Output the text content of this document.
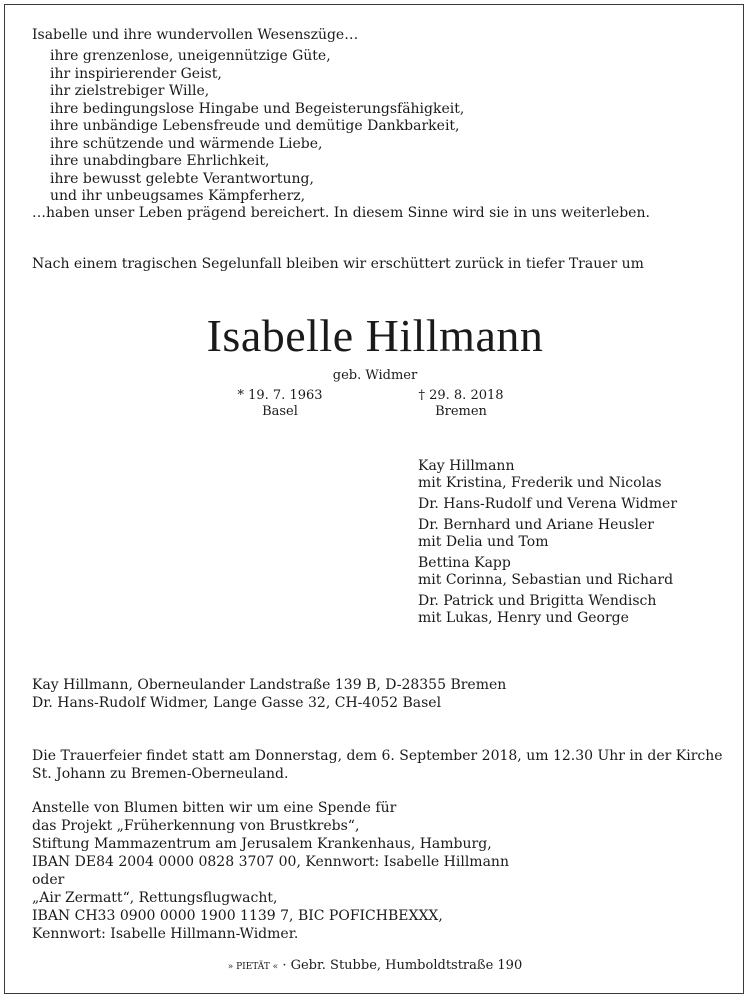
Isabelle und ihre wundervollen Wesenszüge…
ihre grenzenlose, uneigennützige Güte,
ihr inspirierender Geist,
ihr zielstrebiger Wille,
ihre bedingungslose Hingabe und Begeisterungsfähigkeit,
ihre unbändige Lebensfreude und demütige Dankbarkeit,
ihre schützende und wärmende Liebe,
ihre unabdingbare Ehrlichkeit,
ihre bewusst gelebte Verantwortung,
und ihr unbeugsames Kämpferherz,
…haben unser Leben prägend bereichert. In diesem Sinne wird sie in uns weiterleben.
Nach einem tragischen Segelunfall bleiben wir erschüttert zurück in tiefer Trauer um
Isabelle Hillmann
geb. Widmer
* 19. 7. 1963
Basel
† 29. 8. 2018
Bremen
Kay Hillmann
mit Kristina, Frederik und Nicolas
Dr. Hans-Rudolf und Verena Widmer
Dr. Bernhard und Ariane Heusler
mit Delia und Tom
Bettina Kapp
mit Corinna, Sebastian und Richard
Dr. Patrick und Brigitta Wendisch
mit Lukas, Henry und George
Kay Hillmann, Oberneulander Landstraße 139 B, D-28355 Bremen
Dr. Hans-Rudolf Widmer, Lange Gasse 32, CH-4052 Basel
Die Trauerfeier findet statt am Donnerstag, dem 6. September 2018, um 12.30 Uhr in der Kirche
St. Johann zu Bremen-Oberneuland.
Anstelle von Blumen bitten wir um eine Spende für
das Projekt „Früherkennung von Brustkrebs“,
Stiftung Mammazentrum am Jerusalem Krankenhaus, Hamburg,
IBAN DE84 2004 0000 0828 3707 00, Kennwort: Isabelle Hillmann
oder
„Air Zermatt“, Rettungsflugwacht,
IBAN CH33 0900 0000 1900 1139 7, BIC POFICHBEXXX,
Kennwort: Isabelle Hillmann-Widmer.
» PIETÄT « · Gebr. Stubbe, Humboldtstraße 190
